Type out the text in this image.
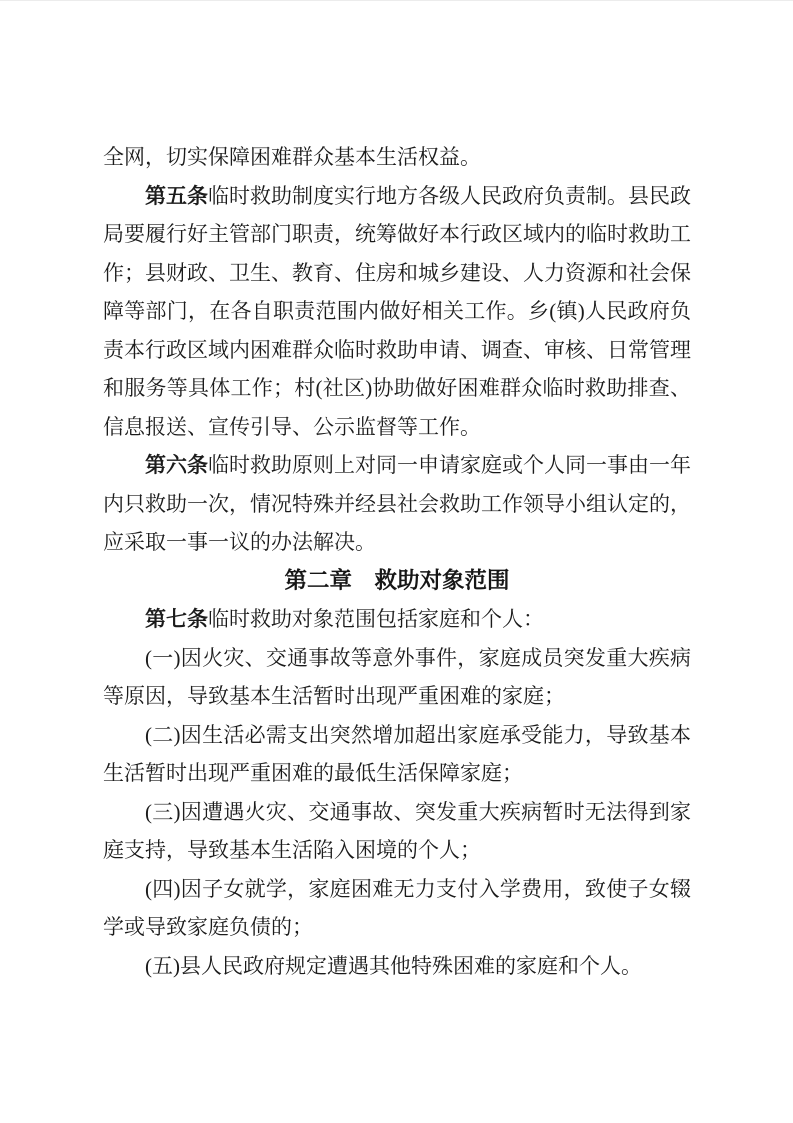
全网，切实保障困难群众基本生活权益。

第五条临时救助制度实行地方各级人民政府负责制。县民政局要履行好主管部门职责，统筹做好本行政区域内的临时救助工作；县财政、卫生、教育、住房和城乡建设、人力资源和社会保障等部门，在各自职责范围内做好相关工作。乡(镇)人民政府负责本行政区域内困难群众临时救助申请、调查、审核、日常管理和服务等具体工作；村(社区)协助做好困难群众临时救助排查、信息报送、宣传引导、公示监督等工作。

第六条临时救助原则上对同一申请家庭或个人同一事由一年内只救助一次，情况特殊并经县社会救助工作领导小组认定的，应采取一事一议的办法解决。

第二章　救助对象范围

第七条临时救助对象范围包括家庭和个人：

(一)因火灾、交通事故等意外事件，家庭成员突发重大疾病等原因，导致基本生活暂时出现严重困难的家庭；

(二)因生活必需支出突然增加超出家庭承受能力，导致基本生活暂时出现严重困难的最低生活保障家庭；

(三)因遭遇火灾、交通事故、突发重大疾病暂时无法得到家庭支持，导致基本生活陷入困境的个人；

(四)因子女就学，家庭困难无力支付入学费用，致使子女辍学或导致家庭负债的；

(五)县人民政府规定遭遇其他特殊困难的家庭和个人。
